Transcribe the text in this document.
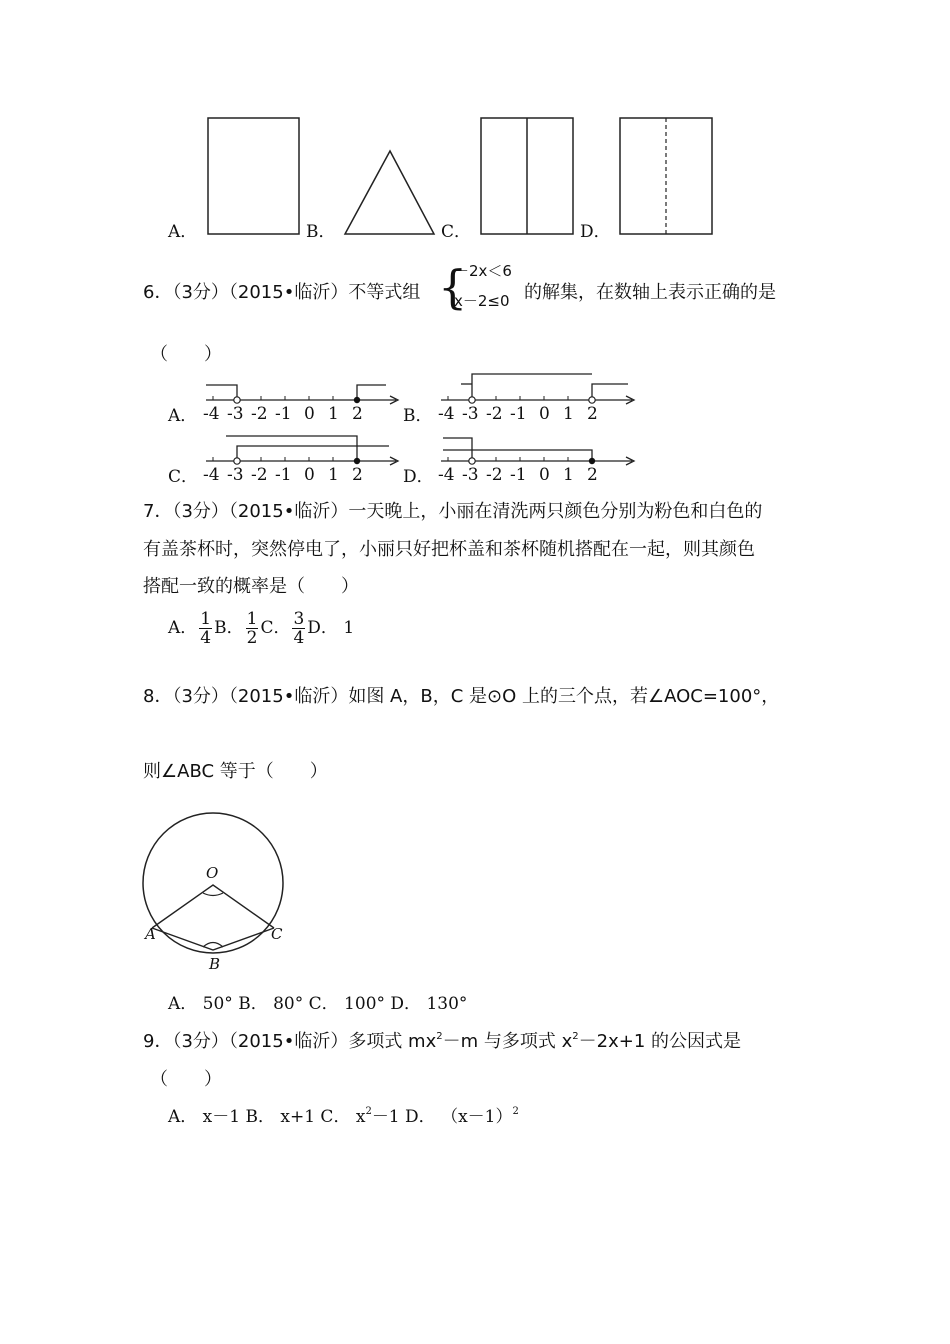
A．	B．	C．	D．
6．（3分）（2015•临沂）不等式组 {
－2x＜6
x－2≤0 的解集，在数轴上表示正确的是
（　　）
A．	B．
C．	D．
-4 -3 -2 -1 0 1 2	-4 -3 -2 -1 0 1 2
-4 -3 -2 -1 0 1 2	-4 -3 -2 -1 0 1 2
7．（3分）（2015•临沂）一天晚上，小丽在清洗两只颜色分别为粉色和白色的
有盖茶杯时，突然停电了，小丽只好把杯盖和茶杯随机搭配在一起，则其颜色
搭配一致的概率是（　　）
A． $\frac{1}{4}$ B． $\frac{1}{2}$ C． $\frac{3}{4}$ D． 1
8．（3分）（2015•临沂）如图 A，B，C 是⊙O 上的三个点，若∠AOC=100°，
则∠ABC 等于（　　）
O
A
B
C
A． 50° B． 80° C． 100° D． 130°
9．（3分）（2015•临沂）多项式 $mx^2-m$ 与多项式 $x^2-2x+1$ 的公因式是
（　　）
A． x－1 B． x+1 C． $x^2-1$ D． $(x-1)^2$
